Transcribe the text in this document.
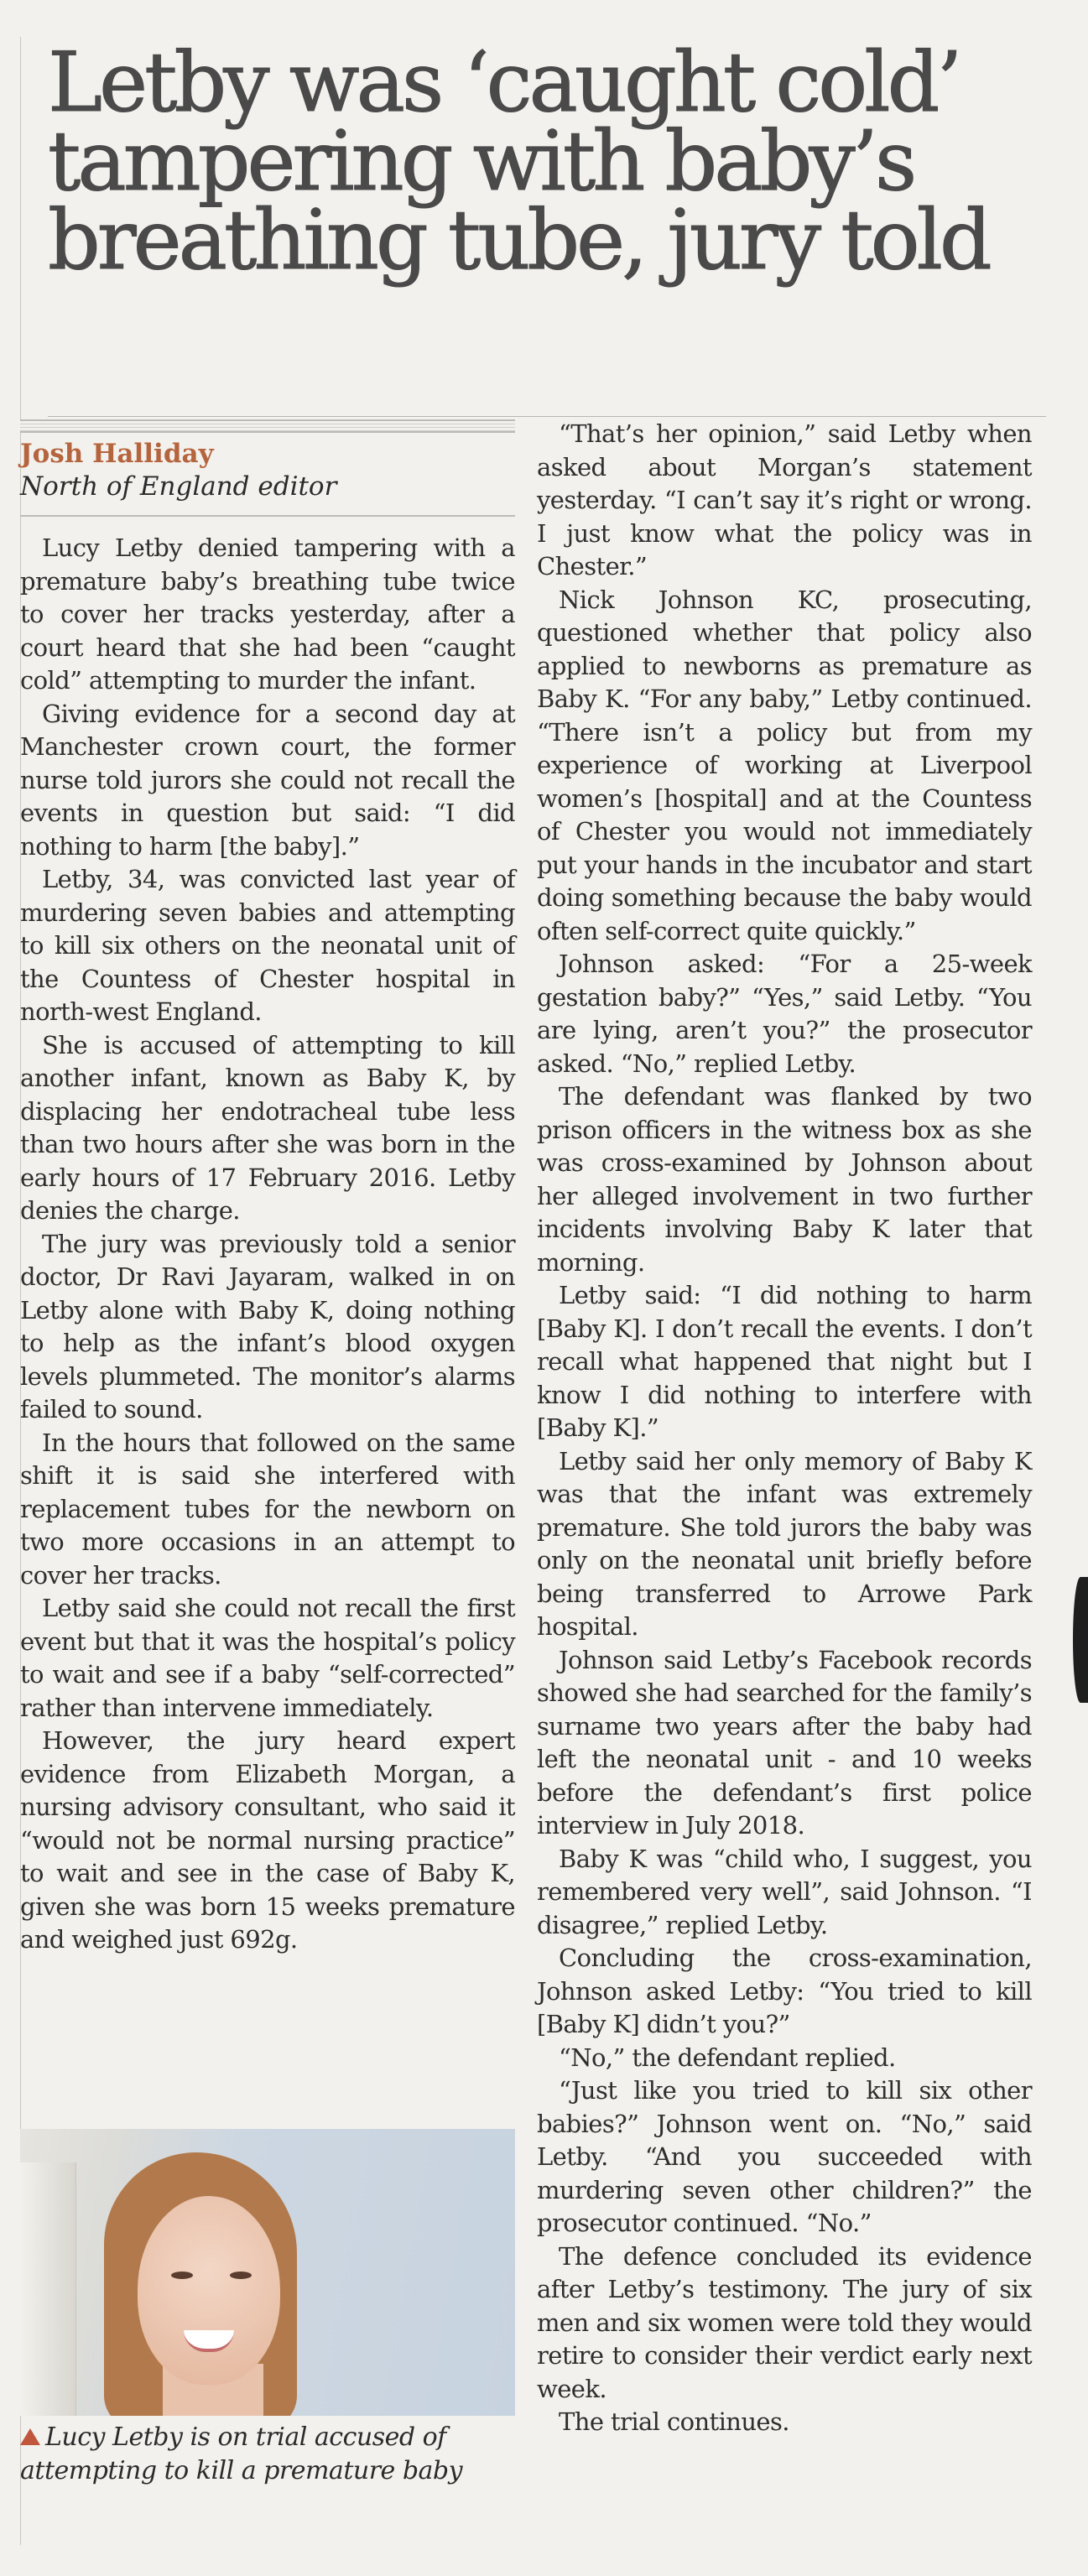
Letby was ‘caught cold’ tampering with baby’s breathing tube, jury told
Josh Halliday
North of England editor

Lucy Letby denied tampering with a premature baby’s breathing tube twice to cover her tracks yesterday, after a court heard that she had been “caught cold” attempting to murder the infant.

Giving evidence for a second day at Manchester crown court, the former nurse told jurors she could not recall the events in question but said: “I did nothing to harm [the baby].”

Letby, 34, was convicted last year of murdering seven babies and attempting to kill six others on the neonatal unit of the Countess of Chester hospital in north-west England.

She is accused of attempting to kill another infant, known as Baby K, by displacing her endotracheal tube less than two hours after she was born in the early hours of 17 February 2016. Letby denies the charge.

The jury was previously told a senior doctor, Dr Ravi Jayaram, walked in on Letby alone with Baby K, doing nothing to help as the infant’s blood oxygen levels plummeted. The monitor’s alarms failed to sound.

In the hours that followed on the same shift it is said she interfered with replacement tubes for the newborn on two more occasions in an attempt to cover her tracks.

Letby said she could not recall the first event but that it was the hospital’s policy to wait and see if a baby “self-corrected” rather than intervene immediately.

However, the jury heard expert evidence from Elizabeth Morgan, a nursing advisory consultant, who said it “would not be normal nursing practice” to wait and see in the case of Baby K, given she was born 15 weeks premature and weighed just 692g.

“That’s her opinion,” said Letby when asked about Morgan’s statement yesterday. “I can’t say it’s right or wrong. I just know what the policy was in Chester.”

Nick Johnson KC, prosecuting, questioned whether that policy also applied to newborns as premature as Baby K. “For any baby,” Letby continued. “There isn’t a policy but from my experience of working at Liverpool women’s [hospital] and at the Countess of Chester you would not immediately put your hands in the incubator and start doing something because the baby would often self-correct quite quickly.”

Johnson asked: “For a 25-week gestation baby?” “Yes,” said Letby. “You are lying, aren’t you?” the prosecutor asked. “No,” replied Letby.

The defendant was flanked by two prison officers in the witness box as she was cross-examined by Johnson about her alleged involvement in two further incidents involving Baby K later that morning.

Letby said: “I did nothing to harm [Baby K]. I don’t recall the events. I don’t recall what happened that night but I know I did nothing to interfere with [Baby K].”

Letby said her only memory of Baby K was that the infant was extremely premature. She told jurors the baby was only on the neonatal unit briefly before being transferred to Arrowe Park hospital.

Johnson said Letby’s Facebook records showed she had searched for the family’s surname two years after the baby had left the neonatal unit - and 10 weeks before the defendant’s first police interview in July 2018.

Baby K was “child who, I suggest, you remembered very well”, said Johnson. “I disagree,” replied Letby.

Concluding the cross-examination, Johnson asked Letby: “You tried to kill [Baby K] didn’t you?”

“No,” the defendant replied.

“Just like you tried to kill six other babies?” Johnson went on. “No,” said Letby. “And you succeeded with murdering seven other children?” the prosecutor continued. “No.”

The defence concluded its evidence after Letby’s testimony. The jury of six men and six women were told they would retire to consider their verdict early next week.

The trial continues.

Lucy Letby is on trial accused of attempting to kill a premature baby
